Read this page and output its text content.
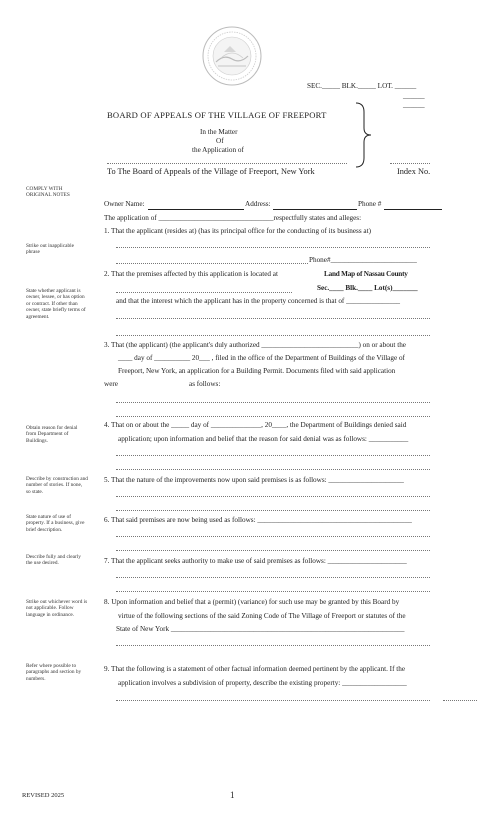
SEC._____ BLK._____ LOT. ______
______
______
BOARD OF APPEALS OF THE VILLAGE OF FREEPORT
In the Matter
Of
the Application of
To The Board of Appeals of the Village of Freeport, New York	Index No.
COMPLY WITH ORIGINAL NOTES
Strike out inapplicable phrase
State whether applicant is owner, lessee, or has option or contract. If other than owner, state briefly terms of agreement.
Obtain reason for denial from Department of Buildings.
Describe by construction and number of stories. If none, so state.
State nature of use of property. If a business, give brief description.
Describe fully and clearly the use desired.
Strike out whichever word is not applicable. Follow language in ordinance.
Refer where possible to paragraphs and section by numbers.
Owner Name:	Address:	Phone #
The application of ________________________________respectfully states and alleges:
1. That the applicant (resides at) (has its principal office for the conducting of its business at)
Phone#________________________
2. That the premises affected by this application is located at	Land Map of Nassau County
Sec.____ Blk.____ Lot(s)_______
and that the interest which the applicant has in the property concerned is that of _______________
3. That (the applicant) (the applicant's duly authorized ___________________________) on or about the
____ day of __________ 20___ , filed in the office of the Department of Buildings of the Village of
Freeport, New York, an application for a Building Permit. Documents filed with said application
were	as follows:
4. That on or about the _____ day of ______________, 20____, the Department of Buildings denied said
application; upon information and belief that the reason for said denial was as follows: ___________
5. That the nature of the improvements now upon said premises is as follows: _____________________
6. That said premises are now being used as follows: ___________________________________________
7. That the applicant seeks authority to make use of said premises as follows: ______________________
8. Upon information and belief that a (permit) (variance) for such use may be granted by this Board by
virtue of the following sections of the said Zoning Code of The Village of Freeport or statutes of the
State of New York _________________________________________________________________
9. That the following is a statement of other factual information deemed pertinent by the applicant. If the
application involves a subdivision of property, describe the existing property: __________________
REVISED 2025	1
